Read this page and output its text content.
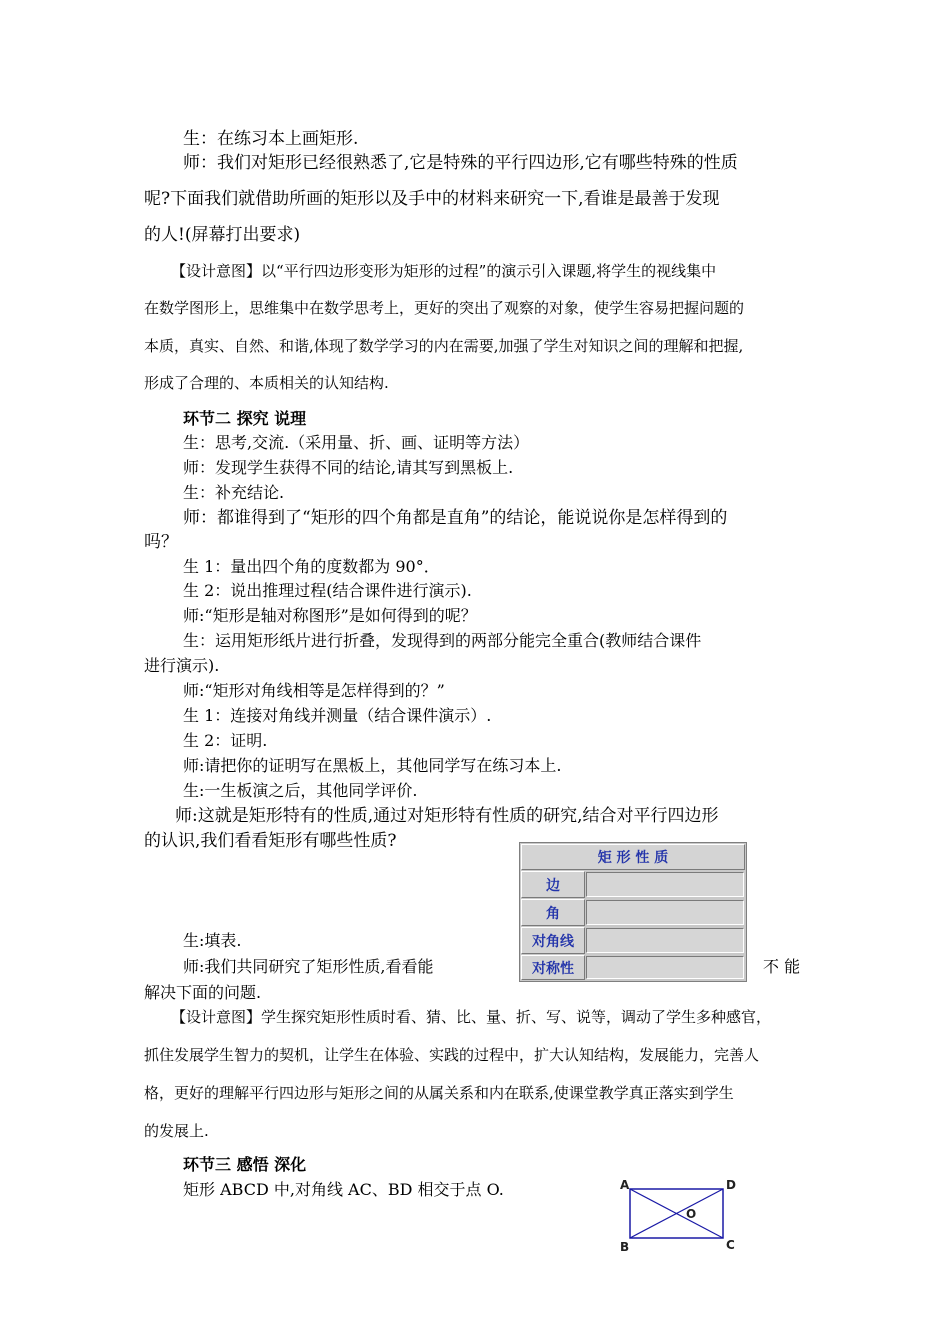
生：在练习本上画矩形.
师：我们对矩形已经很熟悉了,它是特殊的平行四边形,它有哪些特殊的性质
呢?下面我们就借助所画的矩形以及手中的材料来研究一下,看谁是最善于发现
的人!(屏幕打出要求)
【设计意图】以“平行四边形变形为矩形的过程”的演示引入课题,将学生的视线集中
在数学图形上，思维集中在数学思考上，更好的突出了观察的对象，使学生容易把握问题的
本质，真实、自然、和谐,体现了数学学习的内在需要,加强了学生对知识之间的理解和把握,
形成了合理的、本质相关的认知结构.
环节二 探究 说理
生：思考,交流.（采用量、折、画、证明等方法）
师：发现学生获得不同的结论,请其写到黑板上.
生：补充结论.
师：都谁得到了“矩形的四个角都是直角”的结论，能说说你是怎样得到的
吗？
生 1：量出四个角的度数都为 90°．
生 2：说出推理过程(结合课件进行演示).
师:“矩形是轴对称图形”是如何得到的呢？
生：运用矩形纸片进行折叠，发现得到的两部分能完全重合(教师结合课件
进行演示).
师:“矩形对角线相等是怎样得到的？”
生 1：连接对角线并测量（结合课件演示）.
生 2：证明.
师:请把你的证明写在黑板上，其他同学写在练习本上.
生:一生板演之后，其他同学评价.
师:这就是矩形特有的性质,通过对矩形特有性质的研究,结合对平行四边形
的认识,我们看看矩形有哪些性质?
生:填表.
师:我们共同研究了矩形性质,看看能	不 能
解决下面的问题.
【设计意图】学生探究矩形性质时看、猜、比、量、折、写、说等，调动了学生多种感官，
抓住发展学生智力的契机，让学生在体验、实践的过程中，扩大认知结构，发展能力，完善人
格，更好的理解平行四边形与矩形之间的从属关系和内在联系,使课堂教学真正落实到学生
的发展上.
环节三 感悟 深化
矩形 ABCD 中,对角线 AC、BD 相交于点 O.
矩 形 性 质
边
角
对角线
对称性
A	D
O
B	C
